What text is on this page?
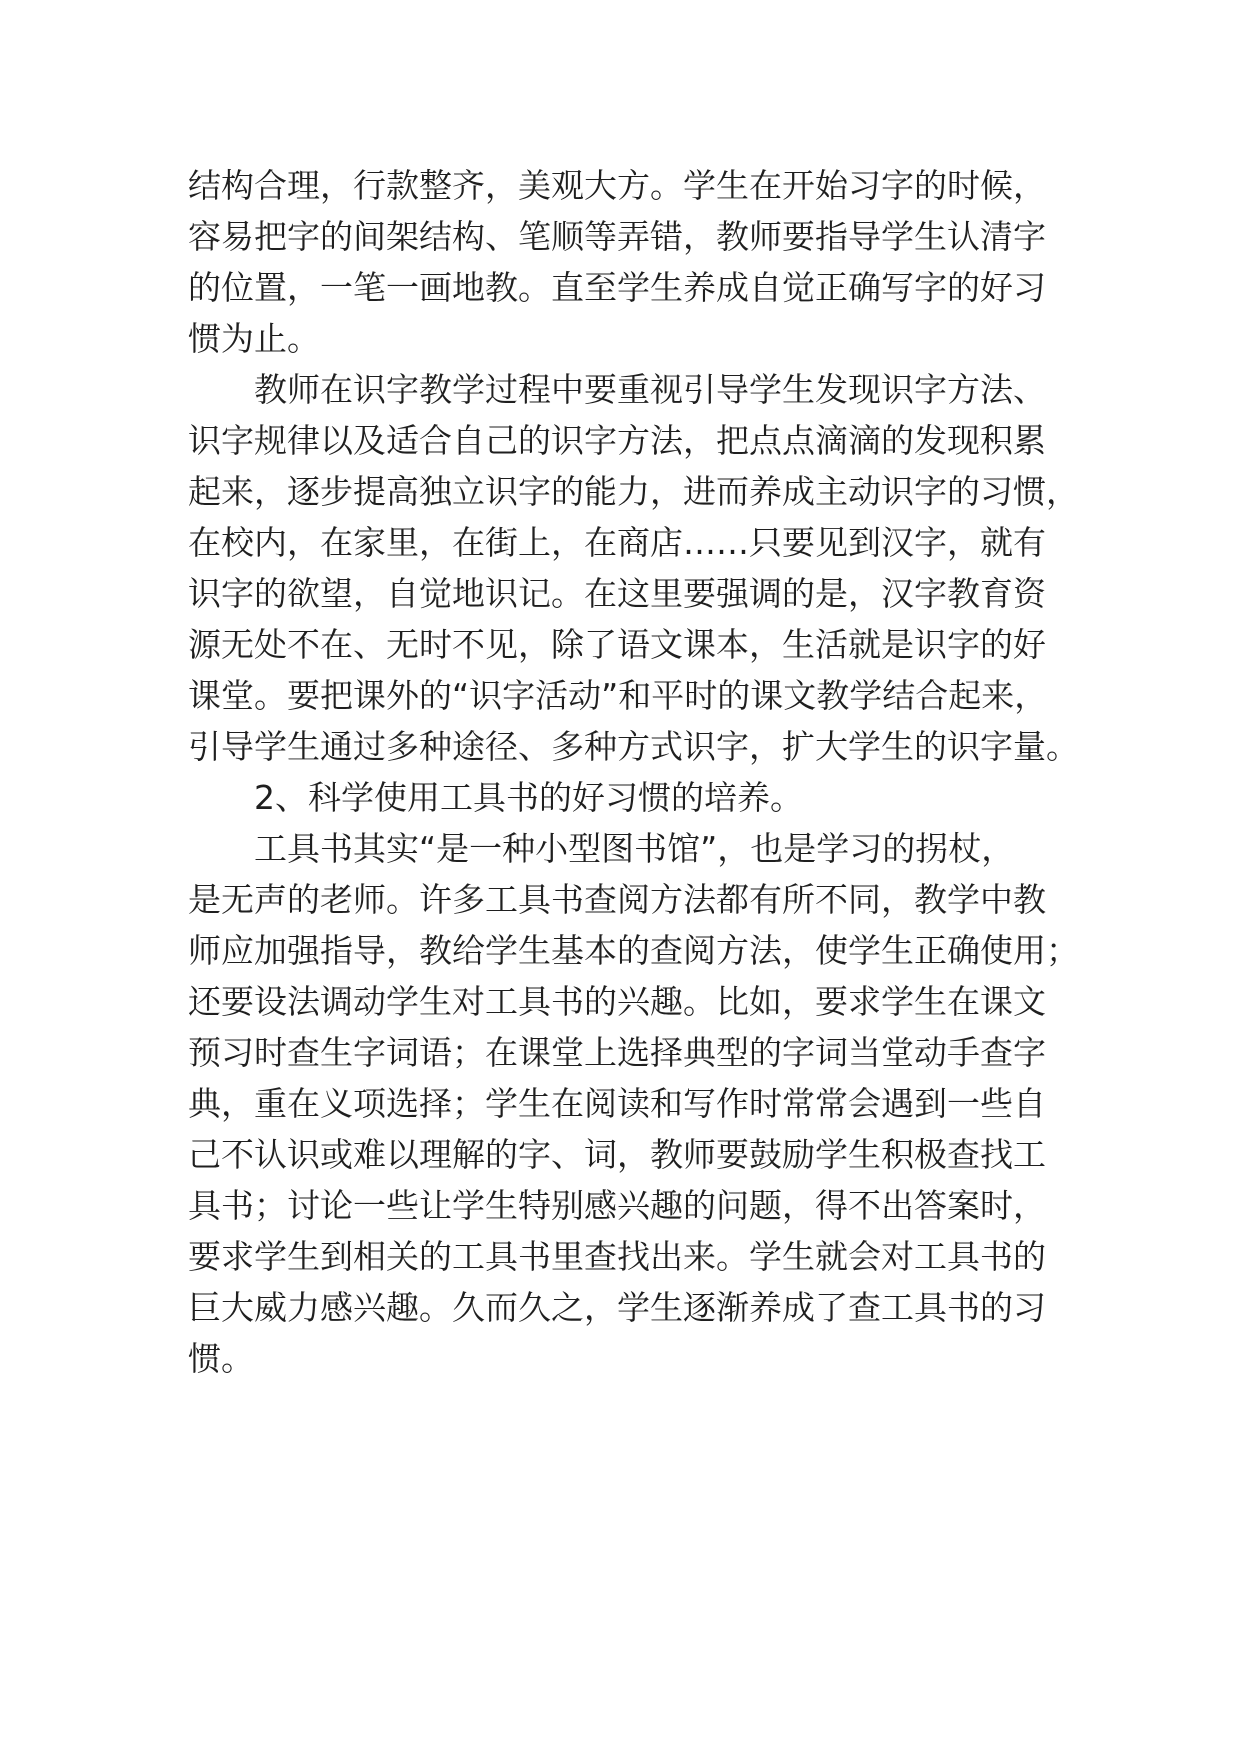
结构合理，行款整齐，美观大方。学生在开始习字的时候，
容易把字的间架结构、笔顺等弄错，教师要指导学生认清字
的位置，一笔一画地教。直至学生养成自觉正确写字的好习
惯为止。
　　教师在识字教学过程中要重视引导学生发现识字方法、
识字规律以及适合自己的识字方法，把点点滴滴的发现积累
起来，逐步提高独立识字的能力，进而养成主动识字的习惯，
在校内，在家里，在街上，在商店……只要见到汉字，就有
识字的欲望，自觉地识记。在这里要强调的是，汉字教育资
源无处不在、无时不见，除了语文课本，生活就是识字的好
课堂。要把课外的“识字活动”和平时的课文教学结合起来，
引导学生通过多种途径、多种方式识字，扩大学生的识字量。
　　2、科学使用工具书的好习惯的培养。
　　工具书其实“是一种小型图书馆”，也是学习的拐杖，
是无声的老师。许多工具书查阅方法都有所不同，教学中教
师应加强指导，教给学生基本的查阅方法，使学生正确使用；
还要设法调动学生对工具书的兴趣。比如，要求学生在课文
预习时查生字词语；在课堂上选择典型的字词当堂动手查字
典，重在义项选择；学生在阅读和写作时常常会遇到一些自
己不认识或难以理解的字、词，教师要鼓励学生积极查找工
具书；讨论一些让学生特别感兴趣的问题，得不出答案时，
要求学生到相关的工具书里查找出来。学生就会对工具书的
巨大威力感兴趣。久而久之，学生逐渐养成了查工具书的习
惯。
